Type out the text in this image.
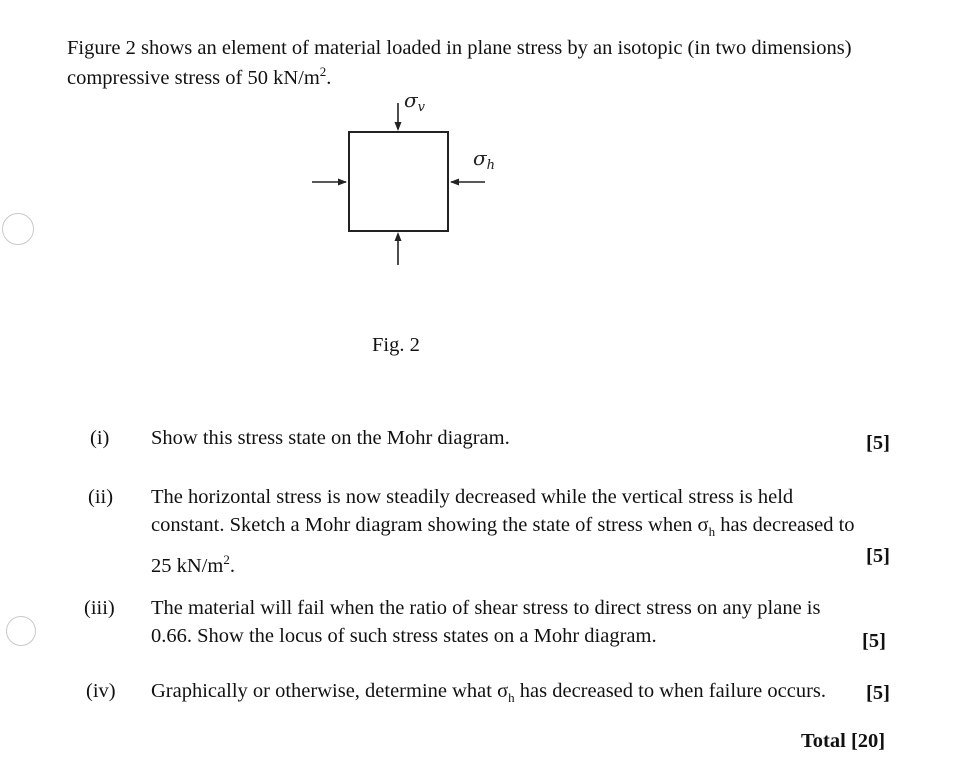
Figure 2 shows an element of material loaded in plane stress by an isotopic (in two dimensions)
compressive stress of 50 $kN/m^2$.

$\sigma_v$
$\sigma_h$
Fig. 2
(i) Show this stress state on the Mohr diagram.	[5]
(ii) The horizontal stress is now steadily decreased while the vertical stress is held
constant. Sketch a Mohr diagram showing the state of stress when $\sigma_h$ has decreased to
25 $kN/m^2$.	[5]
(iii) The material will fail when the ratio of shear stress to direct stress on any plane is
0.66. Show the locus of such stress states on a Mohr diagram.	[5]
(iv) Graphically or otherwise, determine what $\sigma_h$ has decreased to when failure occurs. [5]
Total [20]
